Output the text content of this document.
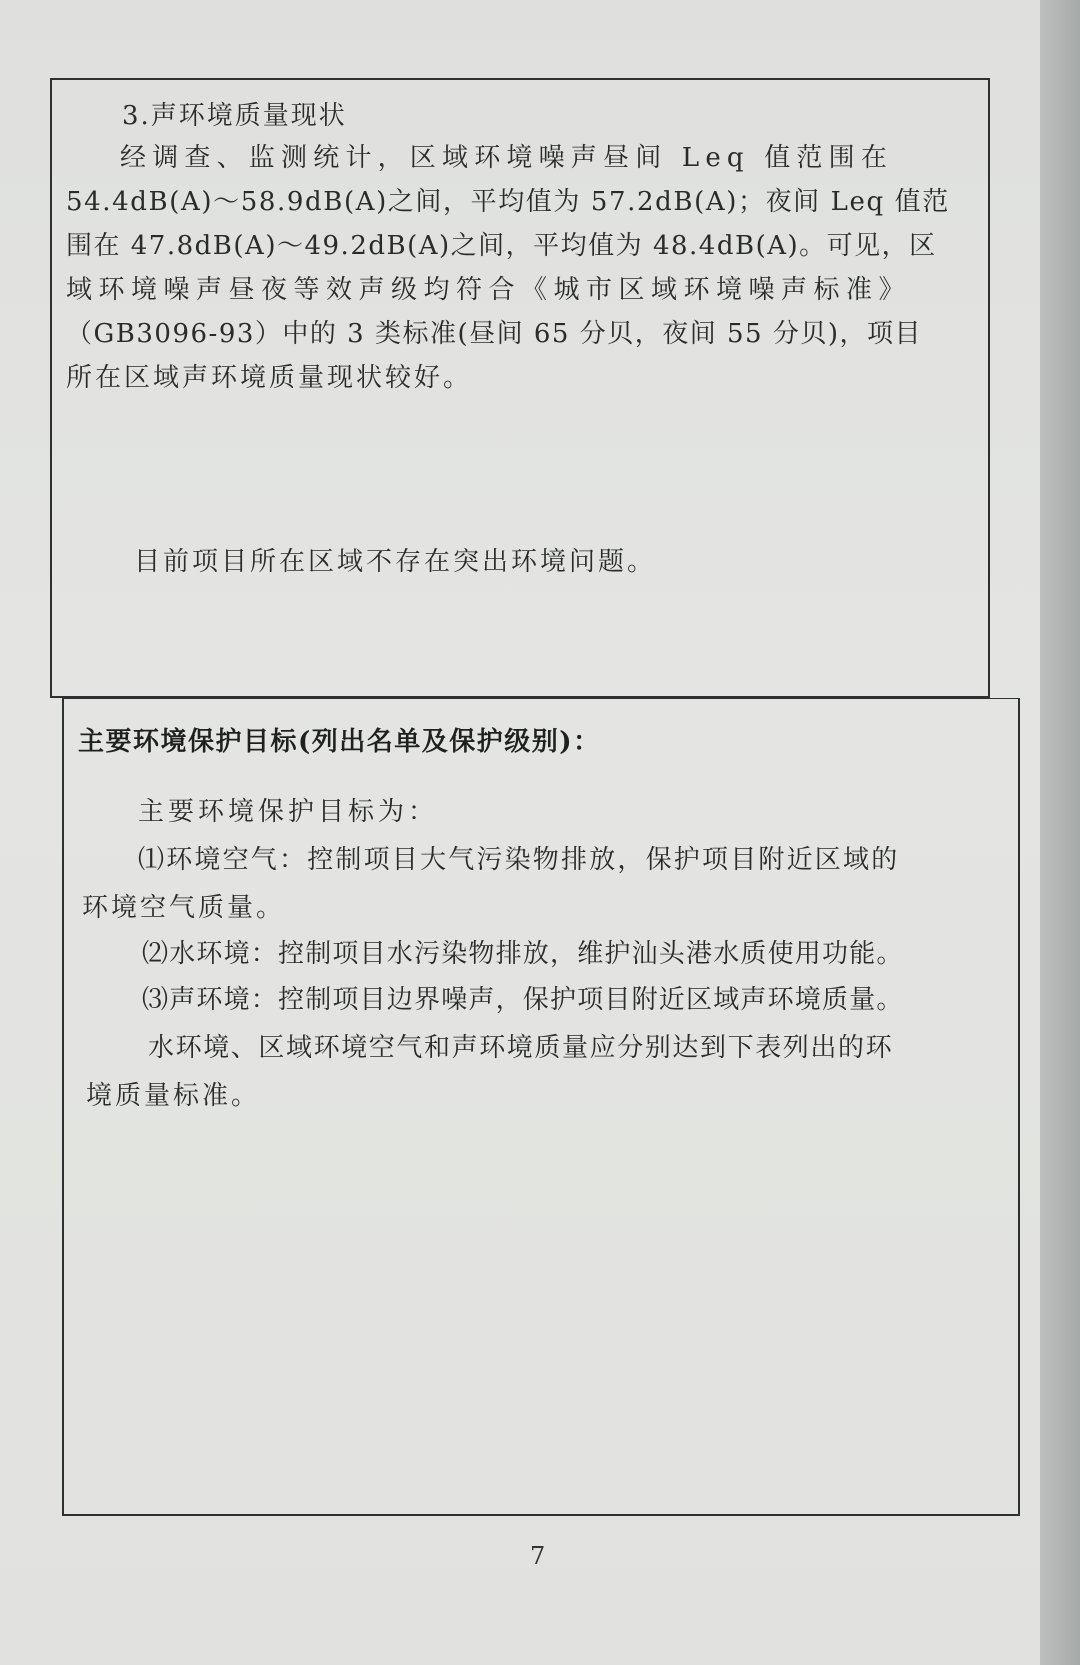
3.声环境质量现状
经调查、监测统计，区域环境噪声昼间 Leq 值范围在
54.4dB(A)～58.9dB(A)之间，平均值为 57.2dB(A)；夜间 Leq 值范
围在 47.8dB(A)～49.2dB(A)之间，平均值为 48.4dB(A)。可见，区
域环境噪声昼夜等效声级均符合《城市区域环境噪声标准》
（GB3096-93）中的 3 类标准(昼间 65 分贝，夜间 55 分贝)，项目
所在区域声环境质量现状较好。
目前项目所在区域不存在突出环境问题。
主要环境保护目标(列出名单及保护级别)：
主要环境保护目标为：
⑴环境空气：控制项目大气污染物排放，保护项目附近区域的
环境空气质量。
⑵水环境：控制项目水污染物排放，维护汕头港水质使用功能。
⑶声环境：控制项目边界噪声，保护项目附近区域声环境质量。
水环境、区域环境空气和声环境质量应分别达到下表列出的环
境质量标准。
7
